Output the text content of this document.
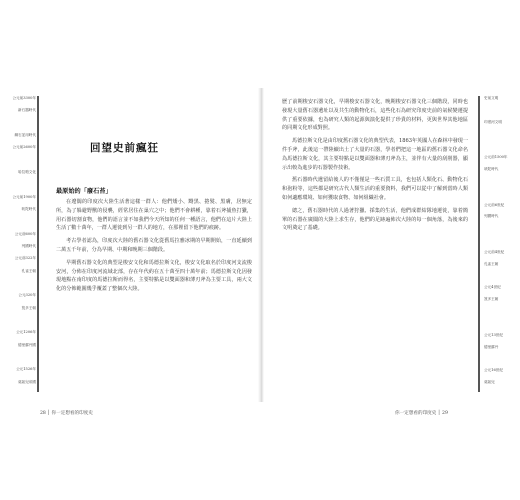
公元前3300年
新石器時代
銅石並用時代
公元前2600年
哈拉帕文化
公元前1900年
吠陀時代
公元前600年
列國時代
公元前322年
孔雀王朝
公元320年
笈多王朝
公元1206年
德里蘇丹國
公元1526年
莫臥兒帝國
史前文明
印度河文明
公元前1500年
吠陀時代
公元前6世紀
列國時代
公元前4世紀
孔雀王朝
公元4世紀
笈多王朝
公元13世紀
德里蘇丹
公元16世紀
莫臥兒
回望史前瘋狂
最原始的「廢石苔」

在遼闊的印度次大陸生活著這樣一群人：他們矮小、黝黑、捲髮、黑膚，居無定所，為了躲避野獸的侵襲，經常居住在巢穴之中；他們不會耕種，靠着石斧捕魚打獵，用石器切割食物，他們的語言並不如我們今天所知的任何一種語言，他們在這片大陸上生活了數十萬年，一群人遷徙到另一群人的地方，在那裡留下他們的痕跡。

考古學者認為，印度次大陸的舊石器文化從舊馬拉雅冰期的早期開始，一直延續到二萬五千年前，分為早期、中期和晚期三個階段。

早期舊石器文化的典型是梭安文化和馬德拉斯文化，梭安文化取名於印度河支流梭安河，分佈在印度河流域北部，存在年代約在五十萬至四十萬年前；馬德拉斯文化因發現地點在南印度的馬德拉斯而得名，主要特點是以雙面器和薄刃斧為主要工具，兩大文化的分佈範圍幾乎覆蓋了整個次大陸。

歷了前期梭安石器文化，早期梭安石器文化，晚期梭安石器文化三個階段，同時也發現大量舊石器遺址以及共生的動物化石，這些化石為研究印度史前的氣候變遷提供了重要依據，也為研究人類的起源與演化提供了珍貴的材料，更與世界其他地區的同期文化形成對照。

馬德拉斯文化是由印度舊石器文化的典型代表，1863年英國人在森林中發現一件手斧，此後這一帶陸續出土了大量的石器，學者們把這一地區的舊石器文化命名為馬德拉斯文化，其主要特點是以雙面器和薄刃斧為主，並伴有大量的刮削器，顯示出較為進步的石器製作技術。

舊石器時代遺留給後人的不僅僅是一些石質工具，也包括人類化石、動物化石和孢粉等，這些都是研究古代人類生活的重要資料，我們可以從中了解到當時人類如何適應環境、如何獲取食物、如何組織社會。

總之，舊石器時代的人過著狩獵、採集的生活，他們成群結隊地遷徙，靠着簡單的石器在廣闊的大陸上求生存，他們的足跡遍佈次大陸的每一個角落，為後來的文明奠定了基礎。

28 │ 你一定想看的印度史	你一定想看的印度史 │ 29
